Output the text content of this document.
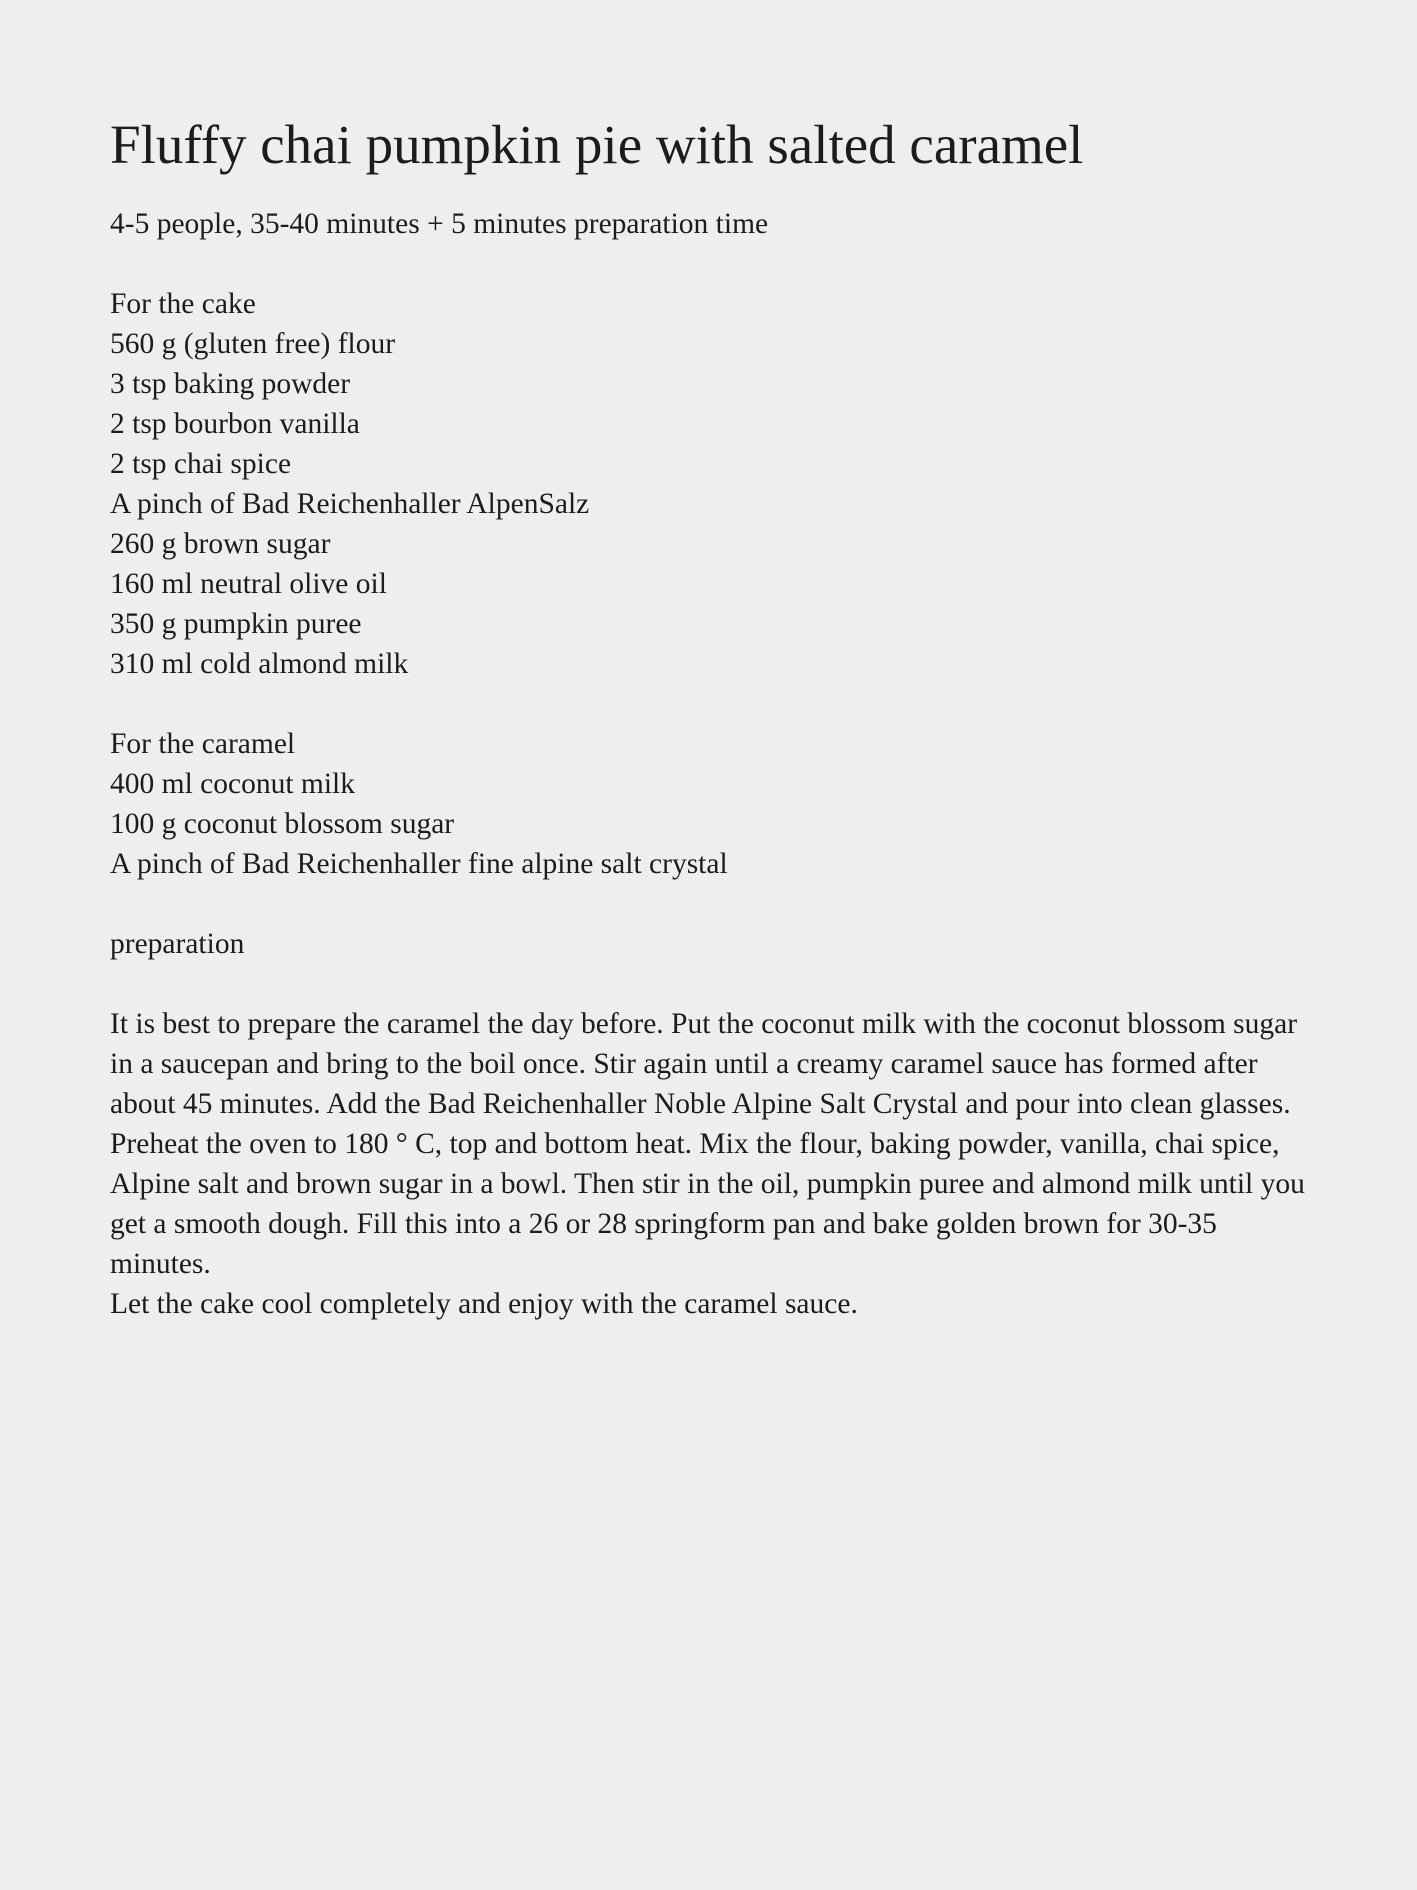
Fluffy chai pumpkin pie with salted caramel

4-5 people, 35-40 minutes + 5 minutes preparation time

For the cake

560 g (gluten free) flour
3 tsp baking powder
2 tsp bourbon vanilla
2 tsp chai spice
A pinch of Bad Reichenhaller AlpenSalz
260 g brown sugar
160 ml neutral olive oil
350 g pumpkin puree
310 ml cold almond milk

For the caramel

400 ml coconut milk
100 g coconut blossom sugar
A pinch of Bad Reichenhaller fine alpine salt crystal

preparation

It is best to prepare the caramel the day before. Put the coconut milk with the coconut blossom sugar in a saucepan and bring to the boil once. Stir again until a creamy caramel sauce has formed after about 45 minutes. Add the Bad Reichenhaller Noble Alpine Salt Crystal and pour into clean glasses.

Preheat the oven to 180 ° C, top and bottom heat. Mix the flour, baking powder, vanilla, chai spice, Alpine salt and brown sugar in a bowl. Then stir in the oil, pumpkin puree and almond milk until you get a smooth dough. Fill this into a 26 or 28 springform pan and bake golden brown for 30-35 minutes.

Let the cake cool completely and enjoy with the caramel sauce.
